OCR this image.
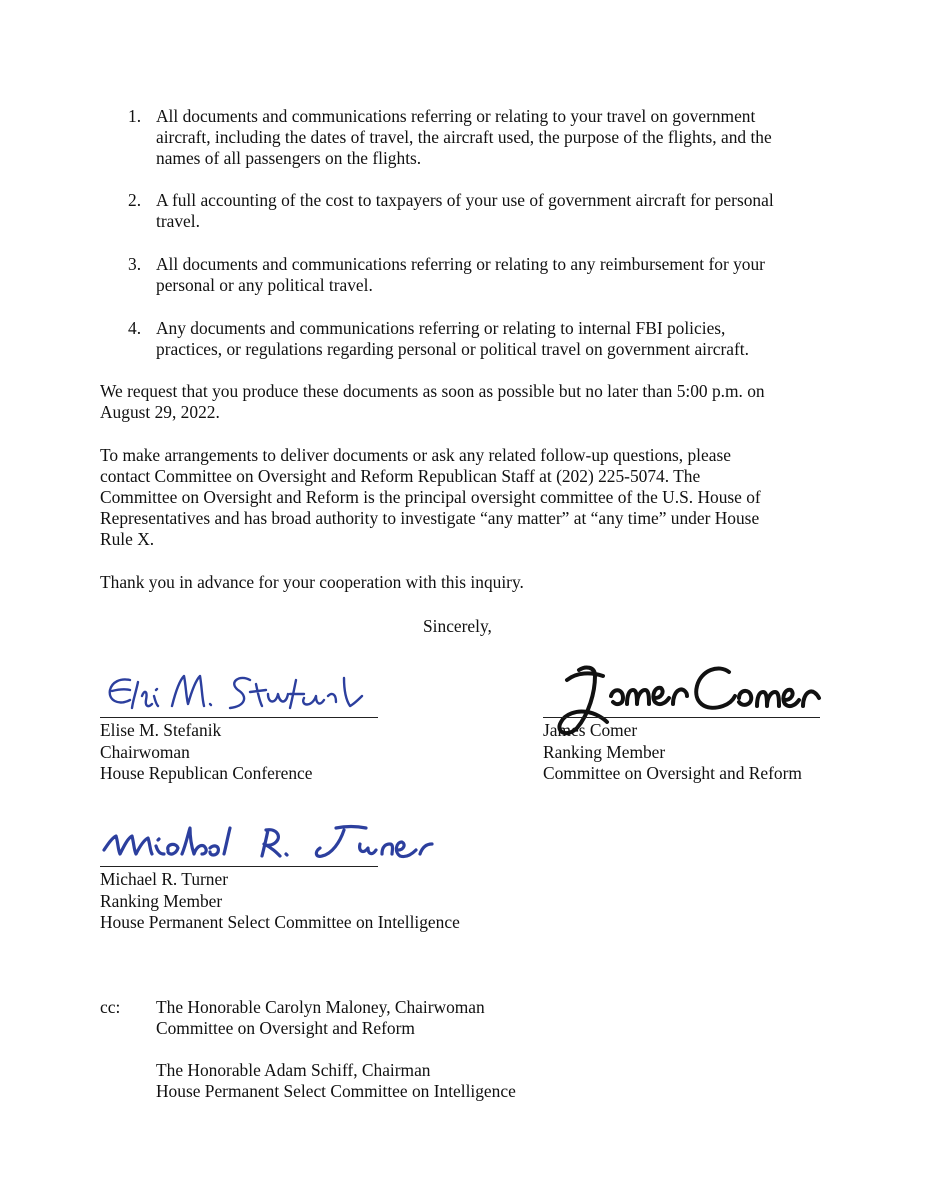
1. All documents and communications referring or relating to your travel on government
aircraft, including the dates of travel, the aircraft used, the purpose of the flights, and the
names of all passengers on the flights.
2. A full accounting of the cost to taxpayers of your use of government aircraft for personal
travel.
3. All documents and communications referring or relating to any reimbursement for your
personal or any political travel.
4. Any documents and communications referring or relating to internal FBI policies,
practices, or regulations regarding personal or political travel on government aircraft.
We request that you produce these documents as soon as possible but no later than 5:00 p.m. on
August 29, 2022.
To make arrangements to deliver documents or ask any related follow-up questions, please
contact Committee on Oversight and Reform Republican Staff at (202) 225-5074. The
Committee on Oversight and Reform is the principal oversight committee of the U.S. House of
Representatives and has broad authority to investigate “any matter” at “any time” under House
Rule X.
Thank you in advance for your cooperation with this inquiry.
Sincerely,
Elise M. Stefanik
Chairwoman
House Republican Conference
James Comer
Ranking Member
Committee on Oversight and Reform
Michael R. Turner
Ranking Member
House Permanent Select Committee on Intelligence
cc: The Honorable Carolyn Maloney, Chairwoman
Committee on Oversight and Reform
The Honorable Adam Schiff, Chairman
House Permanent Select Committee on Intelligence
